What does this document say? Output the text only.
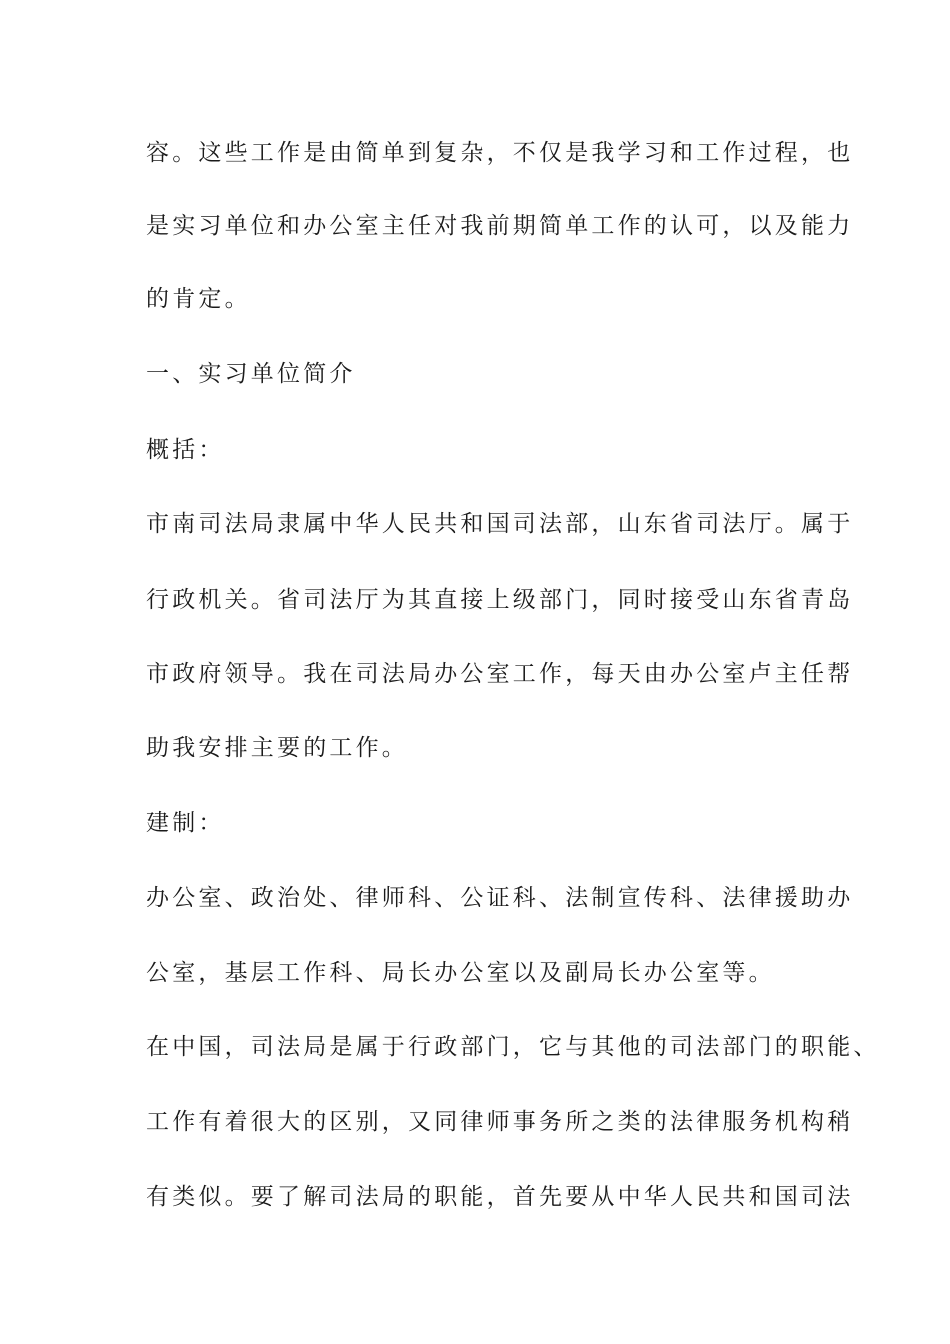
容。这些工作是由简单到复杂，不仅是我学习和工作过程，也
是实习单位和办公室主任对我前期简单工作的认可，以及能力
的肯定。
一、实习单位简介
概括：
市南司法局隶属中华人民共和国司法部，山东省司法厅。属于
行政机关。省司法厅为其直接上级部门，同时接受山东省青岛
市政府领导。我在司法局办公室工作，每天由办公室卢主任帮
助我安排主要的工作。
建制：
办公室、政治处、律师科、公证科、法制宣传科、法律援助办
公室，基层工作科、局长办公室以及副局长办公室等。
在中国，司法局是属于行政部门，它与其他的司法部门的职能、
工作有着很大的区别，又同律师事务所之类的法律服务机构稍
有类似。要了解司法局的职能，首先要从中华人民共和国司法
